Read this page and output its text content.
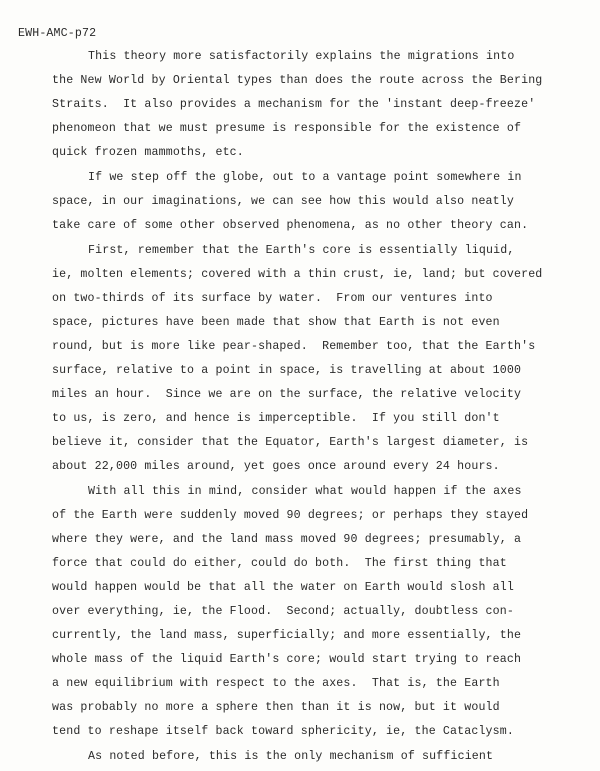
EWH-AMC-p72
This theory more satisfactorily explains the migrations into
the New World by Oriental types than does the route across the Bering
Straits.  It also provides a mechanism for the 'instant deep-freeze'
phenomeon that we must presume is responsible for the existence of
quick frozen mammoths, etc.
If we step off the globe, out to a vantage point somewhere in
space, in our imaginations, we can see how this would also neatly
take care of some other observed phenomena, as no other theory can.
First, remember that the Earth's core is essentially liquid,
ie, molten elements; covered with a thin crust, ie, land; but covered
on two-thirds of its surface by water.  From our ventures into
space, pictures have been made that show that Earth is not even
round, but is more like pear-shaped.  Remember too, that the Earth's
surface, relative to a point in space, is travelling at about 1000
miles an hour.  Since we are on the surface, the relative velocity
to us, is zero, and hence is imperceptible.  If you still don't
believe it, consider that the Equator, Earth's largest diameter, is
about 22,000 miles around, yet goes once around every 24 hours.
With all this in mind, consider what would happen if the axes
of the Earth were suddenly moved 90 degrees; or perhaps they stayed
where they were, and the land mass moved 90 degrees; presumably, a
force that could do either, could do both.  The first thing that
would happen would be that all the water on Earth would slosh all
over everything, ie, the Flood.  Second; actually, doubtless con-
currently, the land mass, superficially; and more essentially, the
whole mass of the liquid Earth's core; would start trying to reach
a new equilibrium with respect to the axes.  That is, the Earth
was probably no more a sphere then than it is now, but it would
tend to reshape itself back toward sphericity, ie, the Cataclysm.
As noted before, this is the only mechanism of sufficient
